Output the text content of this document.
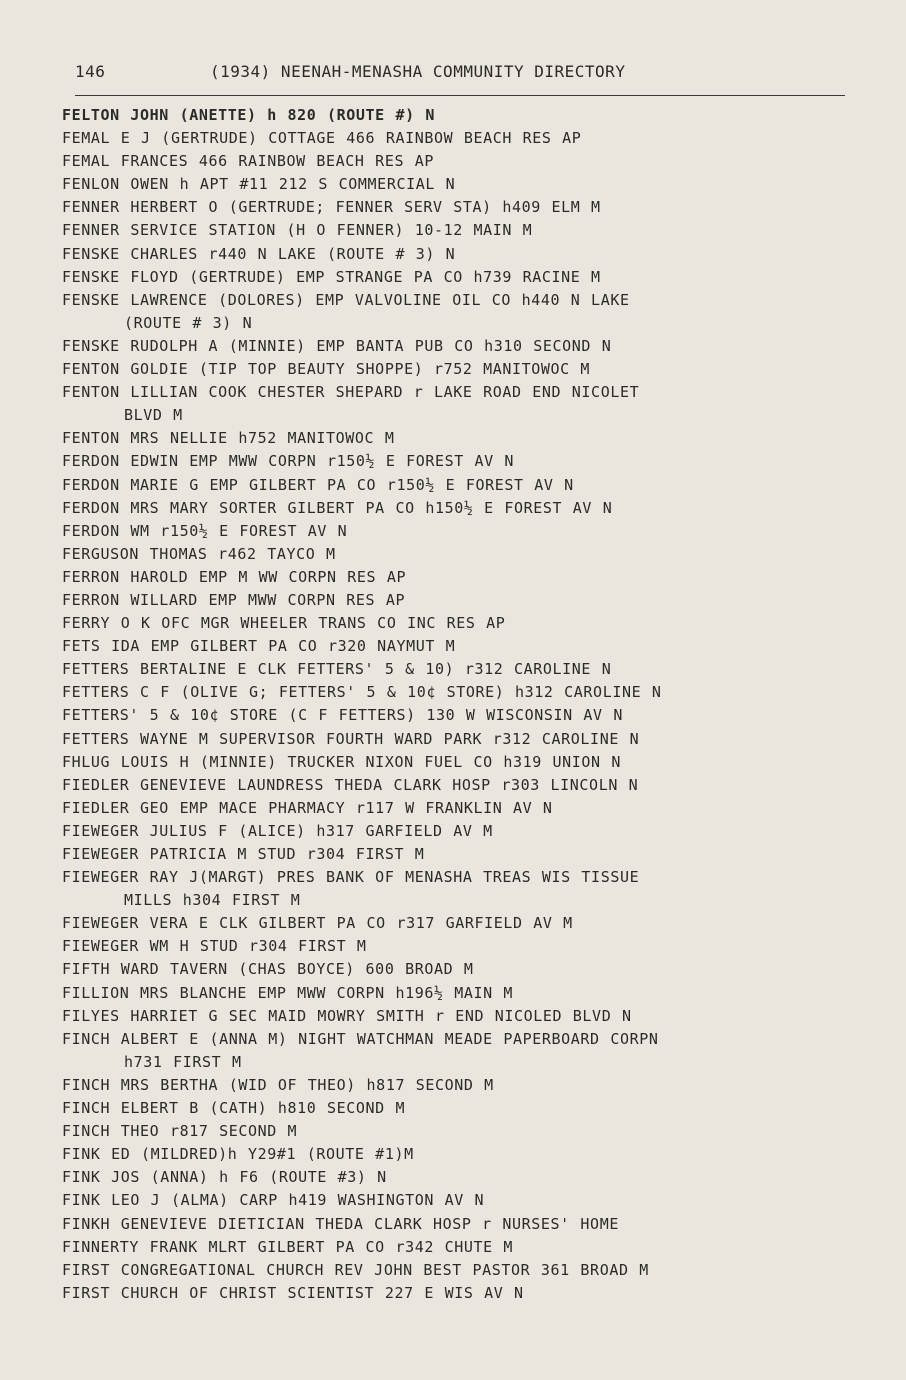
146	(1934) NEENAH-MENASHA COMMUNITY DIRECTORY
FELTON JOHN (ANETTE) h 820 (ROUTE #) N
FEMAL E J (GERTRUDE) COTTAGE 466 RAINBOW BEACH RES AP
FEMAL FRANCES 466 RAINBOW BEACH RES AP
FENLON OWEN h APT #11 212 S COMMERCIAL N
FENNER HERBERT O (GERTRUDE; FENNER SERV STA) h409 ELM M
FENNER SERVICE STATION (H O FENNER) 10-12 MAIN M
FENSKE CHARLES r440 N LAKE (ROUTE # 3) N
FENSKE FLOYD (GERTRUDE) EMP STRANGE PA CO h739 RACINE M
FENSKE LAWRENCE (DOLORES) EMP VALVOLINE OIL CO h440 N LAKE
(ROUTE # 3) N
FENSKE RUDOLPH A (MINNIE) EMP BANTA PUB CO h310 SECOND N
FENTON GOLDIE (TIP TOP BEAUTY SHOPPE) r752 MANITOWOC M
FENTON LILLIAN COOK CHESTER SHEPARD r LAKE ROAD END NICOLET
BLVD M
FENTON MRS NELLIE h752 MANITOWOC M
FERDON EDWIN EMP MWW CORPN r150½ E FOREST AV N
FERDON MARIE G EMP GILBERT PA CO r150½ E FOREST AV N
FERDON MRS MARY SORTER GILBERT PA CO h150½ E FOREST AV N
FERDON WM r150½ E FOREST AV N
FERGUSON THOMAS r462 TAYCO M
FERRON HAROLD EMP M WW CORPN RES AP
FERRON WILLARD EMP MWW CORPN RES AP
FERRY O K OFC MGR WHEELER TRANS CO INC RES AP
FETS IDA EMP GILBERT PA CO r320 NAYMUT M
FETTERS BERTALINE E CLK FETTERS' 5 & 10) r312 CAROLINE N
FETTERS C F (OLIVE G; FETTERS' 5 & 10¢ STORE) h312 CAROLINE N
FETTERS' 5 & 10¢ STORE (C F FETTERS) 130 W WISCONSIN AV N
FETTERS WAYNE M SUPERVISOR FOURTH WARD PARK r312 CAROLINE N
FHLUG LOUIS H (MINNIE) TRUCKER NIXON FUEL CO h319 UNION N
FIEDLER GENEVIEVE LAUNDRESS THEDA CLARK HOSP r303 LINCOLN N
FIEDLER GEO EMP MACE PHARMACY r117 W FRANKLIN AV N
FIEWEGER JULIUS F (ALICE) h317 GARFIELD AV M
FIEWEGER PATRICIA M STUD r304 FIRST M
FIEWEGER RAY J(MARGT) PRES BANK OF MENASHA TREAS WIS TISSUE
MILLS h304 FIRST M
FIEWEGER VERA E CLK GILBERT PA CO r317 GARFIELD AV M
FIEWEGER WM H STUD r304 FIRST M
FIFTH WARD TAVERN (CHAS BOYCE) 600 BROAD M
FILLION MRS BLANCHE EMP MWW CORPN h196½ MAIN M
FILYES HARRIET G SEC MAID MOWRY SMITH r END NICOLED BLVD N
FINCH ALBERT E (ANNA M) NIGHT WATCHMAN MEADE PAPERBOARD CORPN
h731 FIRST M
FINCH MRS BERTHA (WID OF THEO) h817 SECOND M
FINCH ELBERT B (CATH) h810 SECOND M
FINCH THEO r817 SECOND M
FINK ED (MILDRED)h Y29#1 (ROUTE #1)M
FINK JOS (ANNA) h F6 (ROUTE #3) N
FINK LEO J (ALMA) CARP h419 WASHINGTON AV N
FINKH GENEVIEVE DIETICIAN THEDA CLARK HOSP r NURSES' HOME
FINNERTY FRANK MLRT GILBERT PA CO r342 CHUTE M
FIRST CONGREGATIONAL CHURCH REV JOHN BEST PASTOR 361 BROAD M
FIRST CHURCH OF CHRIST SCIENTIST 227 E WIS AV N
